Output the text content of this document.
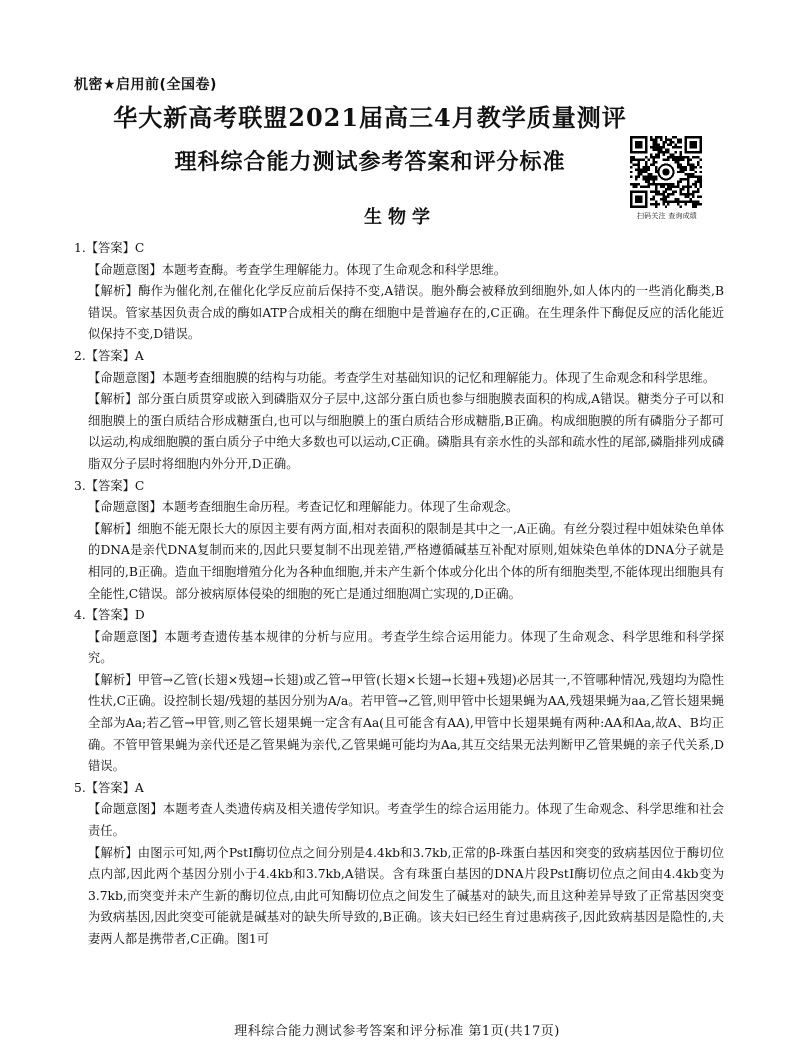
机密★启用前(全国卷)
华大新高考联盟2021届高三4月教学质量测评
理科综合能力测试参考答案和评分标准
生物学	扫码关注 查询成绩
1.【答案】C
【命题意图】本题考查酶。考查学生理解能力。体现了生命观念和科学思维。
【解析】酶作为催化剂,在催化化学反应前后保持不变,A错误。胞外酶会被释放到细胞外,如人体内的一些消化酶类,B错误。管家基因负责合成的酶如ATP合成相关的酶在细胞中是普遍存在的,C正确。在生理条件下酶促反应的活化能近似保持不变,D错误。
2.【答案】A
【命题意图】本题考查细胞膜的结构与功能。考查学生对基础知识的记忆和理解能力。体现了生命观念和科学思维。
【解析】部分蛋白质贯穿或嵌入到磷脂双分子层中,这部分蛋白质也参与细胞膜表面积的构成,A错误。糖类分子可以和细胞膜上的蛋白质结合形成糖蛋白,也可以与细胞膜上的蛋白质结合形成糖脂,B正确。构成细胞膜的所有磷脂分子都可以运动,构成细胞膜的蛋白质分子中绝大多数也可以运动,C正确。磷脂具有亲水性的头部和疏水性的尾部,磷脂排列成磷脂双分子层时将细胞内外分开,D正确。
3.【答案】C
【命题意图】本题考查细胞生命历程。考查记忆和理解能力。体现了生命观念。
【解析】细胞不能无限长大的原因主要有两方面,相对表面积的限制是其中之一,A正确。有丝分裂过程中姐妹染色单体的DNA是亲代DNA复制而来的,因此只要复制不出现差错,严格遵循碱基互补配对原则,姐妹染色单体的DNA分子就是相同的,B正确。造血干细胞增殖分化为各种血细胞,并未产生新个体或分化出个体的所有细胞类型,不能体现出细胞具有全能性,C错误。部分被病原体侵染的细胞的死亡是通过细胞凋亡实现的,D正确。
4.【答案】D
【命题意图】本题考查遗传基本规律的分析与应用。考查学生综合运用能力。体现了生命观念、科学思维和科学探究。
【解析】甲管→乙管(长翅×残翅→长翅)或乙管→甲管(长翅×长翅→长翅+残翅)必居其一,不管哪种情况,残翅均为隐性性状,C正确。设控制长翅/残翅的基因分别为A/a。若甲管→乙管,则甲管中长翅果蝇为AA,残翅果蝇为aa,乙管长翅果蝇全部为Aa;若乙管→甲管,则乙管长翅果蝇一定含有Aa(且可能含有AA),甲管中长翅果蝇有两种:AA和Aa,故A、B均正确。不管甲管果蝇为亲代还是乙管果蝇为亲代,乙管果蝇可能均为Aa,其互交结果无法判断甲乙管果蝇的亲子代关系,D错误。
5.【答案】A
【命题意图】本题考查人类遗传病及相关遗传学知识。考查学生的综合运用能力。体现了生命观念、科学思维和社会责任。
【解析】由图示可知,两个PstⅠ酶切位点之间分别是4.4kb和3.7kb,正常的β-珠蛋白基因和突变的致病基因位于酶切位点内部,因此两个基因分别小于4.4kb和3.7kb,A错误。含有珠蛋白基因的DNA片段PstⅠ酶切位点之间由4.4kb变为3.7kb,而突变并未产生新的酶切位点,由此可知酶切位点之间发生了碱基对的缺失,而且这种差异导致了正常基因突变为致病基因,因此突变可能就是碱基对的缺失所导致的,B正确。该夫妇已经生育过患病孩子,因此致病基因是隐性的,夫妻两人都是携带者,C正确。图1可
理科综合能力测试参考答案和评分标准 第1页(共17页)
